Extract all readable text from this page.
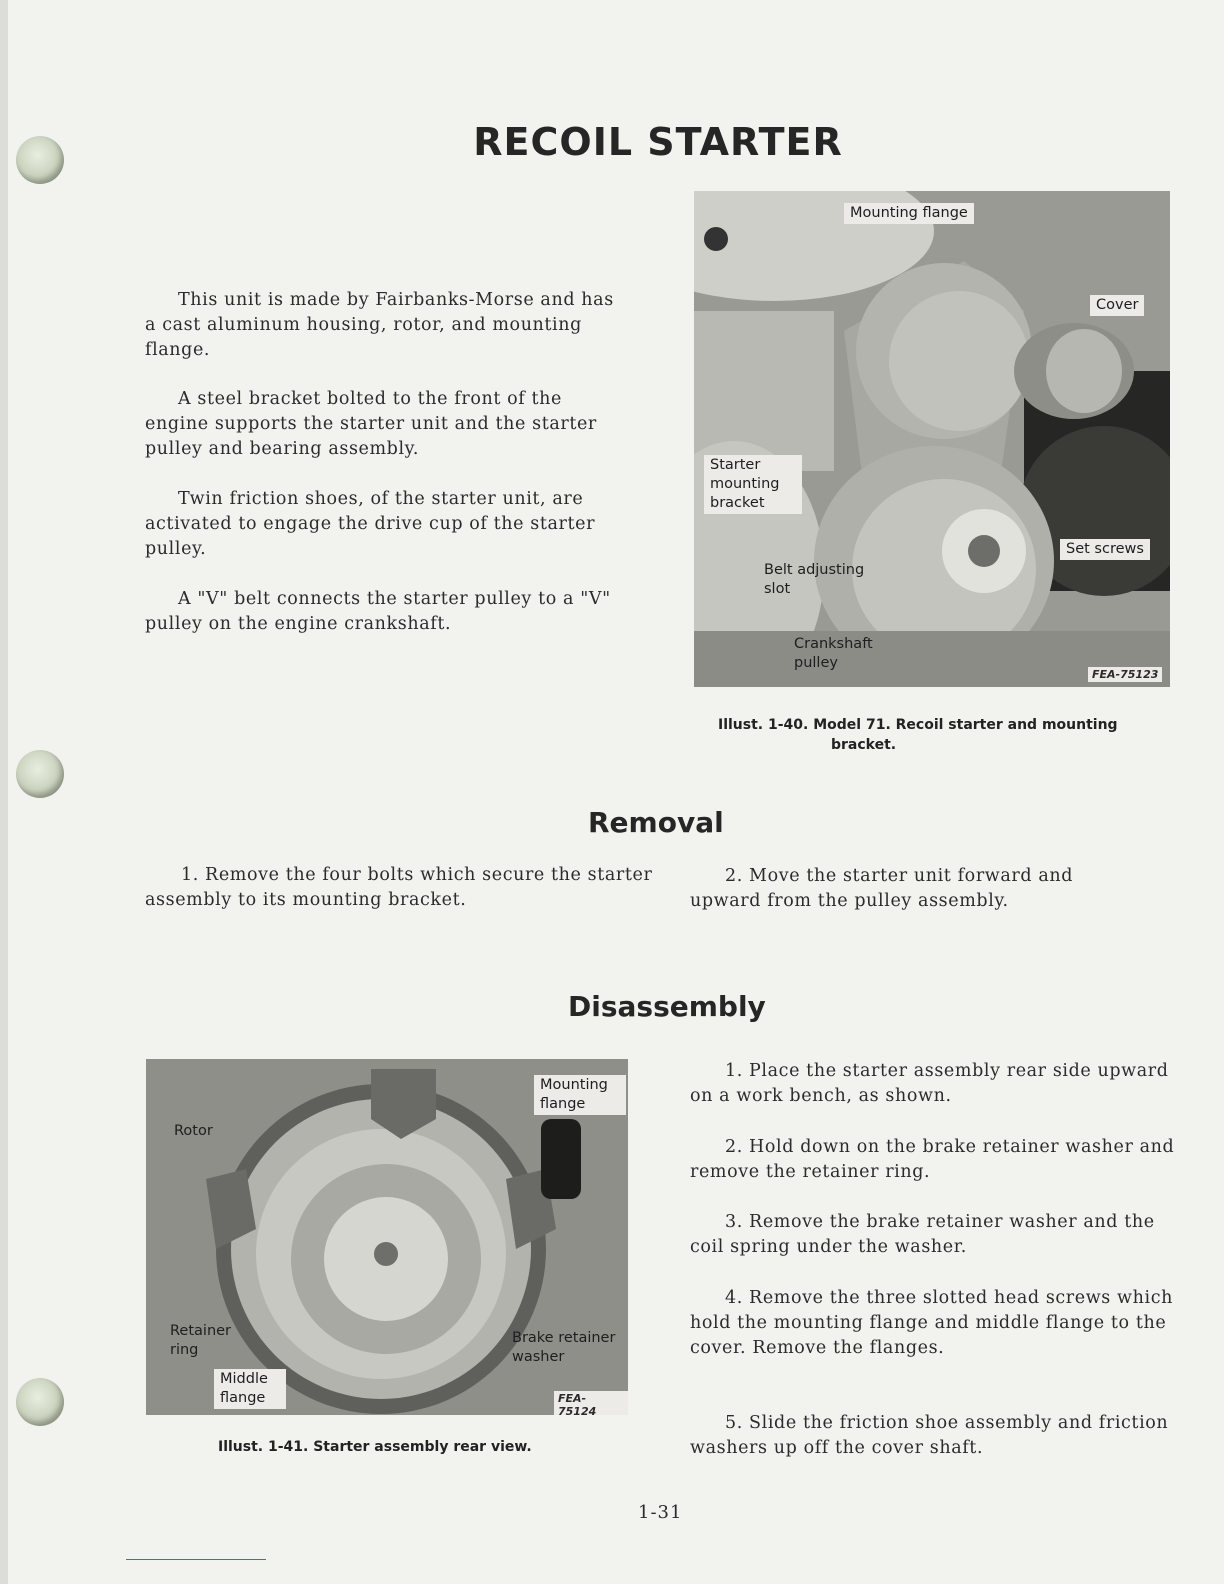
RECOIL STARTER

This unit is made by Fairbanks-Morse and has a cast aluminum housing, rotor, and mounting flange.

A steel bracket bolted to the front of the engine supports the starter unit and the starter pulley and bearing assembly.

Twin friction shoes, of the starter unit, are activated to engage the drive cup of the starter pulley.

A "V" belt connects the starter pulley to a "V" pulley on the engine crankshaft.

Mounting flange
Cover
Starter mounting bracket
Set screws
Belt adjusting slot
Crankshaft pulley
FEA-75123
Illust. 1-40. Model 71. Recoil starter and mounting
bracket.
Removal

1. Remove the four bolts which secure the starter assembly to its mounting bracket.

2. Move the starter unit forward and upward from the pulley assembly.

Disassembly
Mounting flange
Rotor
Retainer ring
Brake retainer washer
Middle flange	FEA-75124
Illust. 1-41. Starter assembly rear view.

1. Place the starter assembly rear side upward on a work bench, as shown.

2. Hold down on the brake retainer washer and remove the retainer ring.

3. Remove the brake retainer washer and the coil spring under the washer.

4. Remove the three slotted head screws which hold the mounting flange and middle flange to the cover. Remove the flanges.

5. Slide the friction shoe assembly and friction washers up off the cover shaft.

1-31
